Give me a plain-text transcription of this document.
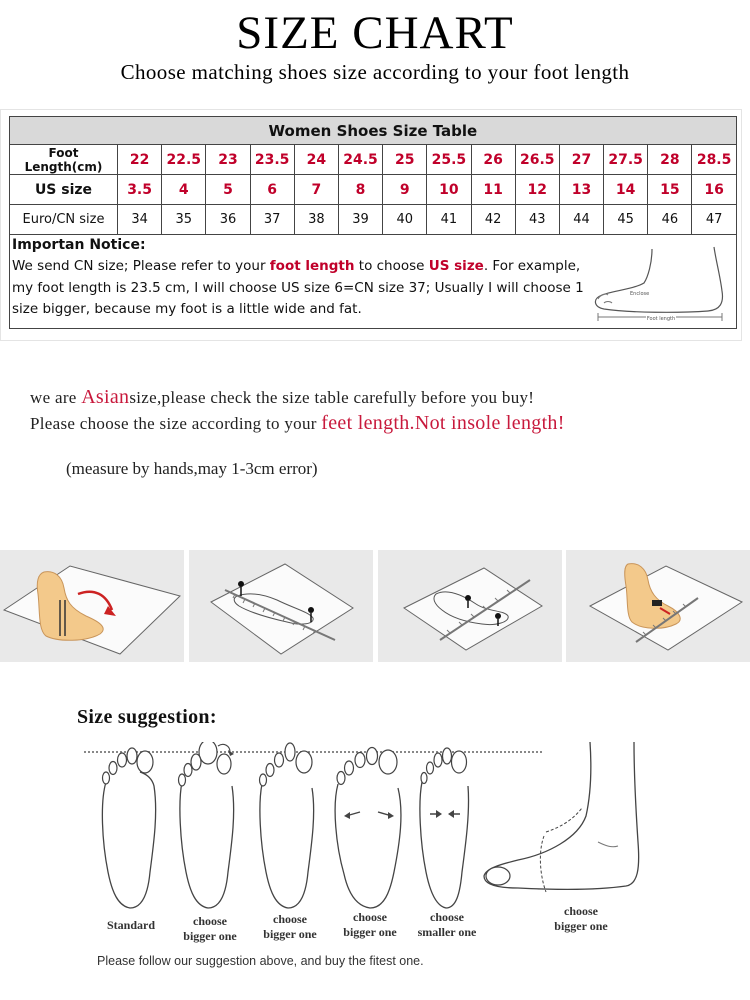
SIZE CHART
Choose matching shoes size according to your foot length
Women Shoes Size Table														
Foot Length(cm)	22	22.5	23	23.5	24	24.5	25	25.5	26	26.5	27	27.5	28	28.5
US size	3.5	4	5	6	7	8	9	10	11	12	13	14	15	16
Euro/CN size	34	35	36	37	38	39	40	41	42	43	44	45	46	47

Importan Notice:
We send CN size; Please refer to your foot length to choose US size. For example, my foot length is 23.5 cm, I will choose US size 6=CN size 37; Usually I will choose 1 size bigger, because my foot is a little wide and fat.
Foot length
Enclose														
we are Asiansize,please check the size table carefully before you buy!
Please choose the size according to your feet length.Not insole length!
(measure by hands,may 1-3cm error)
Size suggestion:
Standard	choose
bigger one
choose
bigger one
choose
bigger one
choose
smaller one
choose
bigger one
Please follow our suggestion above, and buy the fitest one.
